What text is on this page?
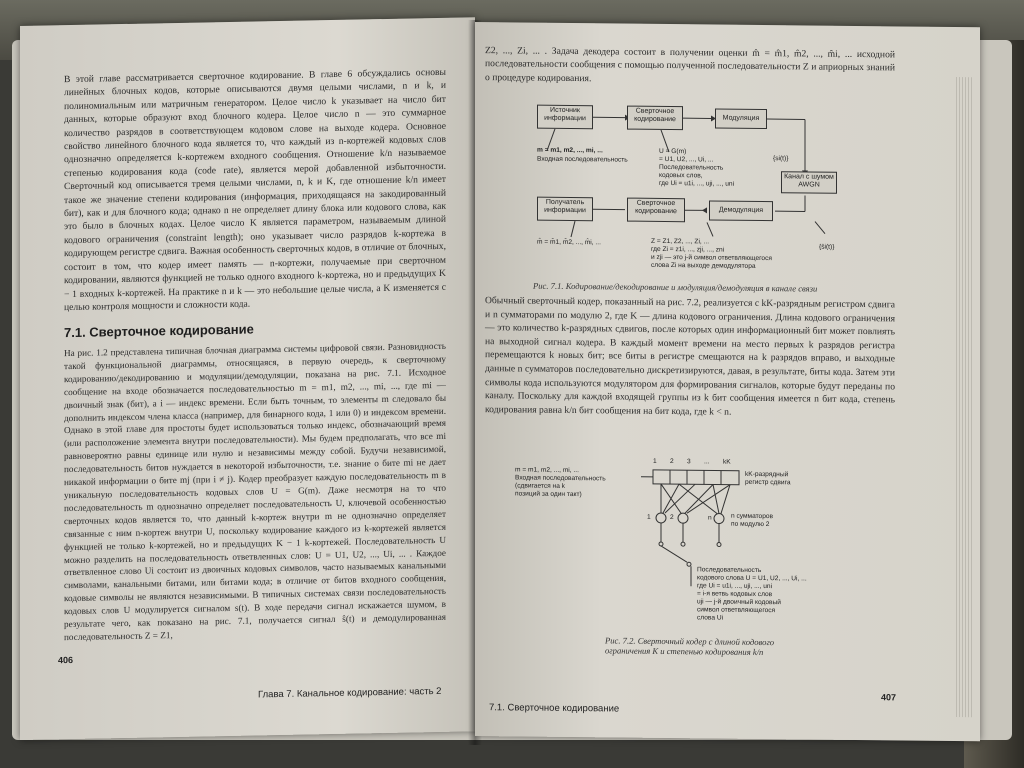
В этой главе рассматривается сверточное кодирование. В главе 6 обсуждались основы линейных блочных кодов, которые описываются двумя целыми числами, n и k, и полиномиальным или матричным генератором. Целое число k указывает на число бит данных, которые образуют вход блочного кодера. Целое число n — это суммарное количество разрядов в соответствующем кодовом слове на выходе кодера. Основное свойство линейного блочного кода является то, что каждый из n-кортежей кодовых слов однозначно определяется k-кортежем входного сообщения. Отношение k/n называемое степенью кодирования кода (code rate), является мерой добавленной избыточности. Сверточный код описывается тремя целыми числами, n, k и K, где отношение k/n имеет такое же значение степени кодирования (информация, приходящаяся на закодированный бит), как и для блочного кода; однако n не определяет длину блока или кодового слова, как это было в блочных кодах. Целое число K является параметром, называемым длиной кодового ограничения (constraint length); оно указывает число разрядов k-кортежа в кодирующем регистре сдвига. Важная особенность сверточных кодов, в отличие от блочных, состоит в том, что кодер имеет память — n-кортежи, получаемые при сверточном кодировании, являются функцией не только одного входного k-кортежа, но и предыдущих K − 1 входных k-кортежей. На практике n и k — это небольшие целые числа, а K изменяется с целью контроля мощности и сложности кода.

7.1. Сверточное кодирование

На рис. 1.2 представлена типичная блочная диаграмма системы цифровой связи. Разновидность такой функциональной диаграммы, относящаяся, в первую очередь, к сверточному кодированию/декодированию и модуляции/демодуляции, показана на рис. 7.1. Исходное сообщение на входе обозначается последовательностью m = m1, m2, ..., mi, ..., где mi — двоичный знак (бит), а i — индекс времени. Если быть точным, то элементы m следовало бы дополнить индексом члена класса (например, для бинарного кода, 1 или 0) и индексом времени. Однако в этой главе для простоты будет использоваться только индекс, обозначающий время (или расположение элемента внутри последовательности). Мы будем предполагать, что все mi равновероятно равны единице или нулю и независимы между собой. Будучи независимой, последовательность битов нуждается в некоторой избыточности, т.е. знание о бите mi не дает никакой информации о бите mj (при i ≠ j). Кодер преобразует каждую последовательность m в уникальную последовательность кодовых слов U = G(m). Даже несмотря на то что последовательность m однозначно определяет последовательность U, ключевой особенностью сверточных кодов является то, что данный k-кортеж внутри m не однозначно определяет связанные с ним n-кортеж внутри U, поскольку кодирование каждого из k-кортежей является функцией не только k-кортежей, но и предыдущих K − 1 k-кортежей. Последовательность U можно разделить на последовательность ответвленных слов: U = U1, U2, ..., Ui, ... . Каждое ответвленное слово Ui состоит из двоичных кодовых символов, часто называемых канальными символами, канальными битами, или битами кода; в отличие от битов входного сообщения, кодовые символы не являются независимыми. В типичных системах связи последовательность кодовых слов U модулируется сигналом s(t). В ходе передачи сигнал искажается шумом, в результате чего, как показано на рис. 7.1, получается сигнал ŝ(t) и демодулированная последовательность Z = Z1,

406
Глава 7. Канальное кодирование: часть 2

Z2, ..., Zi, ... . Задача декодера состоит в получении оценки m̂ = m̂1, m̂2, ..., m̂i, ... исходной последовательности сообщения с помощью полученной последовательности Z и априорных знаний о процедуре кодирования.

Источник информации
Сверточное кодирование	Модуляция
Канал с шумом AWGN
Получатель информации
Сверточное кодирование	Демодуляция
m = m1, m2, ..., mi, ...
Входная последовательность
U = G(m)
= U1, U2, ..., Ui, ...
Последовательность
кодовых слов,
где Ui = u1i, ..., uji, ..., uni
{si(t)}
{ŝi(t)}
m̂ = m̂1, m̂2, ..., m̂i, ...	Z = Z1, Z2, ..., Zi, ...
где Zi = z1i, ..., zji, ..., zni
и zji — это j-й символ ответвляющегося
слова Zi на выходе демодулятора
Рис. 7.1. Кодирование/декодирование и модуляция/демодуляция в канале связи

Обычный сверточный кодер, показанный на рис. 7.2, реализуется с kK-разрядным регистром сдвига и n сумматорами по модулю 2, где K — длина кодового ограничения. Длина кодового ограничения — это количество k-разрядных сдвигов, после которых один информационный бит может повлиять на выходной сигнал кодера. В каждый момент времени на место первых k разрядов регистра перемещаются k новых бит; все биты в регистре смещаются на k разрядов вправо, и выходные данные n сумматоров последовательно дискретизируются, давая, в результате, биты кода. Затем эти символы кода используются модулятором для формирования сигналов, которые будут переданы по каналу. Поскольку для каждой входящей группы из k бит сообщения имеется n бит кода, степень кодирования равна k/n бит сообщения на бит кода, где k < n.

1 2 3 ... kK
m = m1, m2, ..., mi, ...
Входная последовательность
(сдвигается на k
позиций за один такт)
kK-разрядный
регистр сдвига
1	2	n	n сумматоров
по модулю 2
Последовательность
кодового слова U = U1, U2, ..., Ui, ...
где Ui = u1i, ..., uji, ..., uni
= i-я ветвь кодовых слов
uji — j-й двоичный кодовый
символ ответвляющегося
слова Ui
Рис. 7.2. Сверточный кодер с длиной кодового ограничения K и степенью кодирования k/n
407
7.1. Сверточное кодирование
